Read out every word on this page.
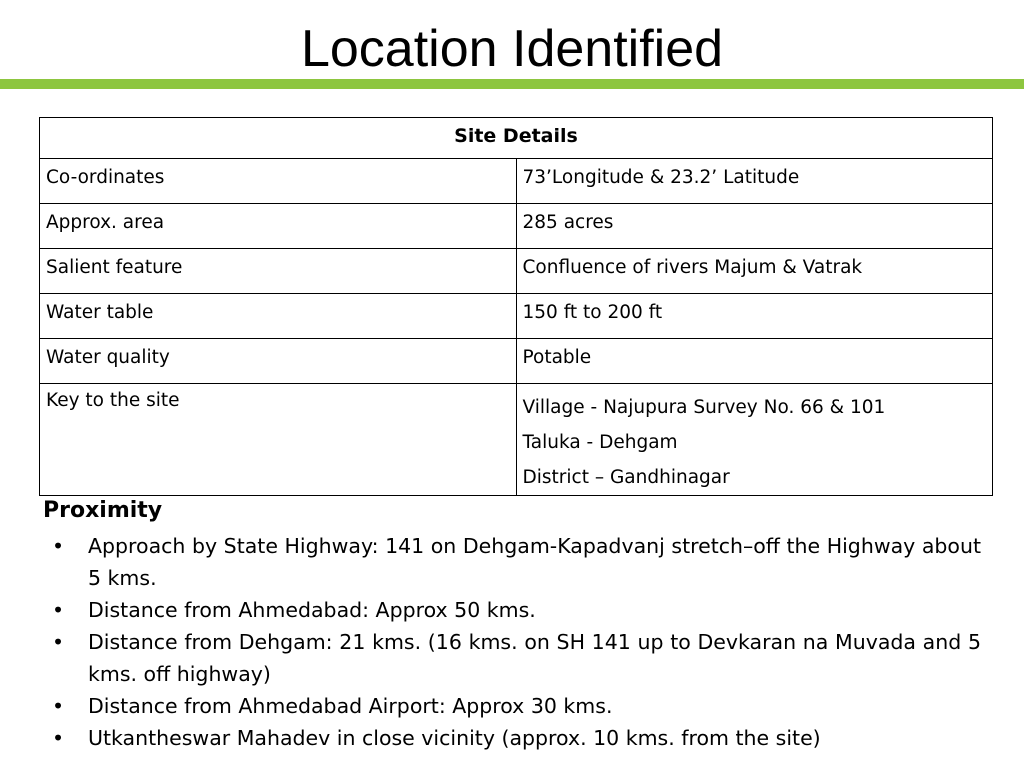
Location Identified
Site Details	
Co-ordinates	73’Longitude & 23.2’ Latitude
Approx. area	285 acres
Salient feature	Confluence of rivers Majum & Vatrak
Water table	150 ft to 200 ft
Water quality	Potable
Key to the site	Village - Najupura Survey No. 66 & 101
Taluka - Dehgam
District – Gandhinagar
Proximity
• Approach by State Highway: 141 on Dehgam-Kapadvanj stretch–off the Highway about 5 kms.
• Distance from Ahmedabad: Approx 50 kms.
• Distance from Dehgam: 21 kms. (16 kms. on SH 141 up to Devkaran na Muvada and 5 kms. off highway)
• Distance from Ahmedabad Airport: Approx 30 kms.
• Utkantheswar Mahadev in close vicinity (approx. 10 kms. from the site)
